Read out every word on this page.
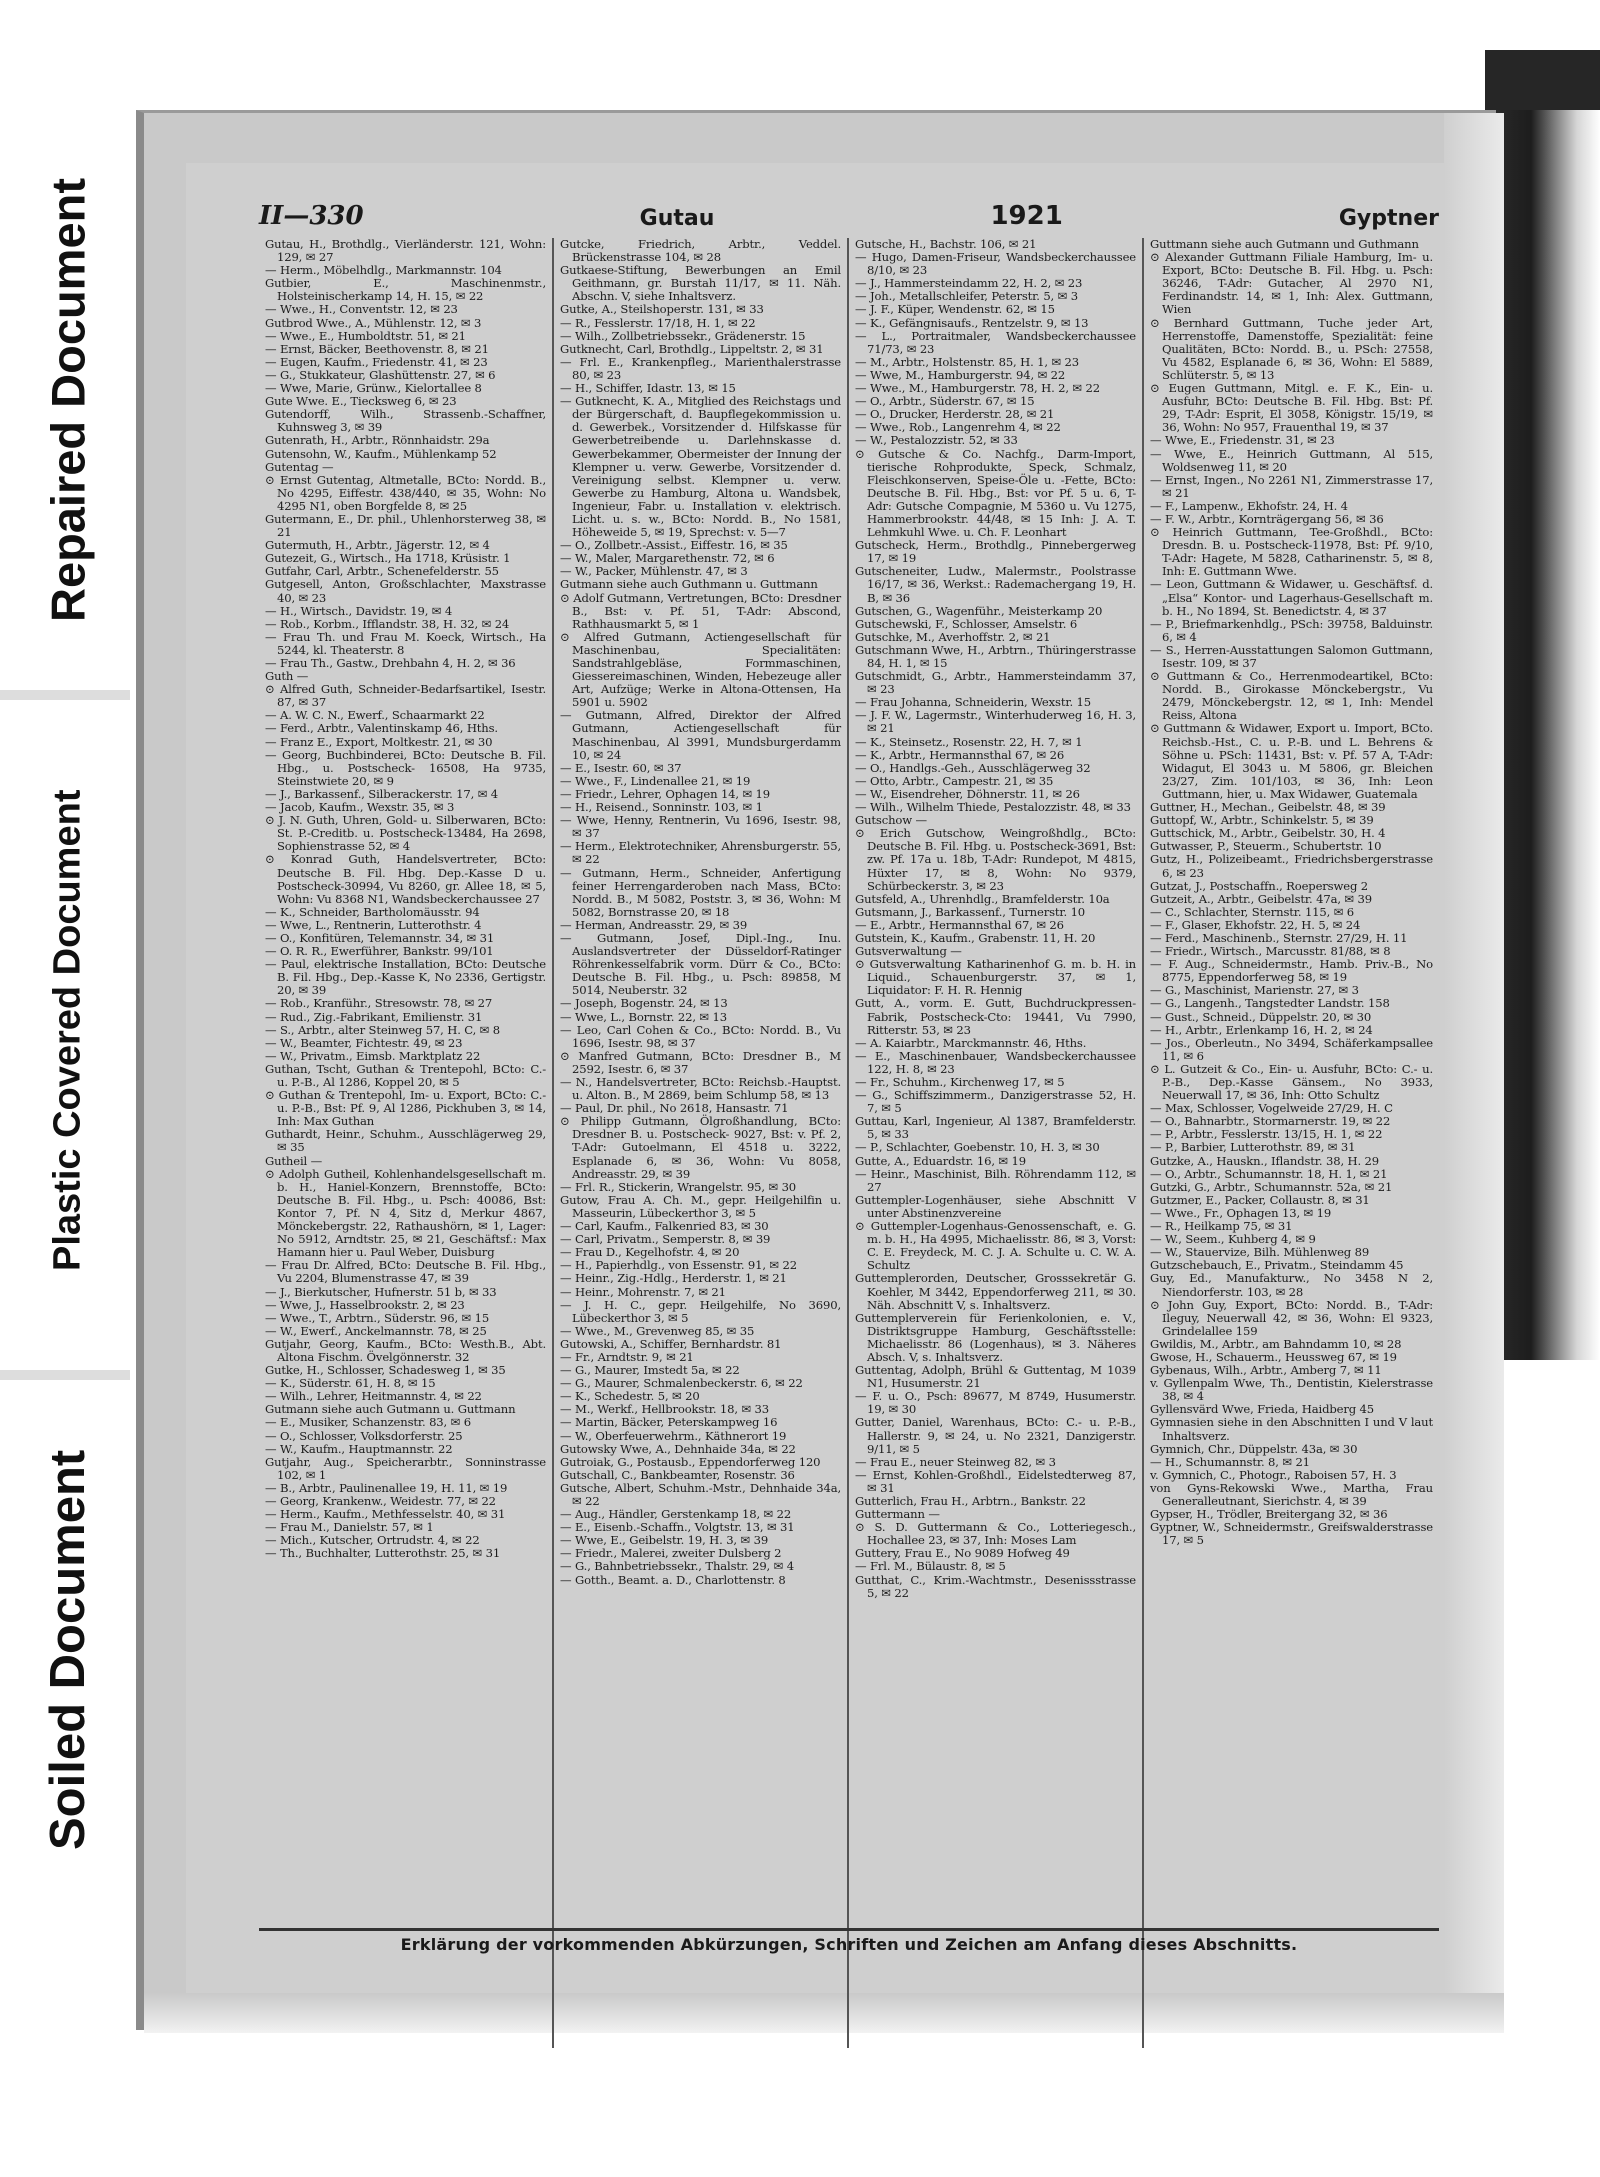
Repaired Document
Plastic Covered Document
Soiled Document
II—330	Gutau	1921	Gyptner

Gutau, H., Brothdlg., Vierländerstr. 121, Wohn: 129, ✉ 27

— Herm., Möbelhdlg., Markmannstr. 104

Gutbier, E., Maschinenmstr., Holsteinischerkamp 14, H. 15, ✉ 22

— Wwe., H., Conventstr. 12, ✉ 23

Gutbrod Wwe., A., Mühlenstr. 12, ✉ 3

— Wwe., E., Humboldtstr. 51, ✉ 21

— Ernst, Bäcker, Beethovenstr. 8, ✉ 21

— Eugen, Kaufm., Friedenstr. 41, ✉ 23

— G., Stukkateur, Glashüttenstr. 27, ✉ 6

— Wwe, Marie, Grünw., Kielortallee 8

Gute Wwe. E., Tiecksweg 6, ✉ 23

Gutendorff, Wilh., Strassenb.-Schaffner, Kuhnsweg 3, ✉ 39

Gutenrath, H., Arbtr., Rönnhaidstr. 29a

Gutensohn, W., Kaufm., Mühlenkamp 52

Gutentag —

⊙ Ernst Gutentag, Altmetalle, BCto: Nordd. B., No 4295, Eiffestr. 438/440, ✉ 35, Wohn: No 4295 N1, oben Borgfelde 8, ✉ 25

Gutermann, E., Dr. phil., Uhlenhorsterweg 38, ✉ 21

Gutermuth, H., Arbtr., Jägerstr. 12, ✉ 4

Gutezeit, G., Wirtsch., Ha 1718, Krüsistr. 1

Gutfahr, Carl, Arbtr., Schenefelderstr. 55

Gutgesell, Anton, Großschlachter, Maxstrasse 40, ✉ 23

— H., Wirtsch., Davidstr. 19, ✉ 4

— Rob., Korbm., Ifflandstr. 38, H. 32, ✉ 24

— Frau Th. und Frau M. Koeck, Wirtsch., Ha 5244, kl. Theaterstr. 8

— Frau Th., Gastw., Drehbahn 4, H. 2, ✉ 36

Guth —

⊙ Alfred Guth, Schneider-Bedarfsartikel, Isestr. 87, ✉ 37

— A. W. C. N., Ewerf., Schaarmarkt 22

— Ferd., Arbtr., Valentinskamp 46, Hths.

— Franz E., Export, Moltkestr. 21, ✉ 30

— Georg, Buchbinderei, BCto: Deutsche B. Fil. Hbg., u. Postscheck- 16508, Ha 9735, Steinstwiete 20, ✉ 9

— J., Barkassenf., Silberackerstr. 17, ✉ 4

— Jacob, Kaufm., Wexstr. 35, ✉ 3

⊙ J. N. Guth, Uhren, Gold- u. Silberwaren, BCto: St. P.-Creditb. u. Postscheck-13484, Ha 2698, Sophienstrasse 52, ✉ 4

⊙ Konrad Guth, Handelsvertreter, BCto: Deutsche B. Fil. Hbg. Dep.-Kasse D u. Postscheck-30994, Vu 8260, gr. Allee 18, ✉ 5, Wohn: Vu 8368 N1, Wandsbeckerchaussee 27

— K., Schneider, Bartholomäusstr. 94

— Wwe, L., Rentnerin, Lutterothstr. 4

— O., Konfitüren, Telemannstr. 34, ✉ 31

— O. R. R., Ewerführer, Bankstr. 99/101

— Paul, elektrische Installation, BCto: Deutsche B. Fil. Hbg., Dep.-Kasse K, No 2336, Gertigstr. 20, ✉ 39

— Rob., Kranführ., Stresowstr. 78, ✉ 27

— Rud., Zig.-Fabrikant, Emilienstr. 31

— S., Arbtr., alter Steinweg 57, H. C, ✉ 8

— W., Beamter, Fichtestr. 49, ✉ 23

— W., Privatm., Eimsb. Marktplatz 22

Guthan, Tscht, Guthan & Trentepohl, BCto: C.- u. P.-B., Al 1286, Koppel 20, ✉ 5

⊙ Guthan & Trentepohl, Im- u. Export, BCto: C.- u. P.-B., Bst: Pf. 9, Al 1286, Pickhuben 3, ✉ 14, Inh: Max Guthan

Guthardt, Heinr., Schuhm., Ausschlägerweg 29, ✉ 35

Gutheil —

⊙ Adolph Gutheil, Kohlenhandelsgesellschaft m. b. H., Haniel-Konzern, Brennstoffe, BCto: Deutsche B. Fil. Hbg., u. Psch: 40086, Bst: Kontor 7, Pf. N 4, Sitz d, Merkur 4867, Mönckebergstr. 22, Rathaushörn, ✉ 1, Lager: No 5912, Arndtstr. 25, ✉ 21, Geschäftsf.: Max Hamann hier u. Paul Weber, Duisburg

— Frau Dr. Alfred, BCto: Deutsche B. Fil. Hbg., Vu 2204, Blumenstrasse 47, ✉ 39

— J., Bierkutscher, Hufnerstr. 51 b, ✉ 33

— Wwe, J., Hasselbrookstr. 2, ✉ 23

— Wwe., T., Arbtrn., Süderstr. 96, ✉ 15

— W., Ewerf., Anckelmannstr. 78, ✉ 25

Gutjahr, Georg, Kaufm., BCto: Westh.B., Abt. Altona Fischm. Övelgönnerstr. 32

Gutke, H., Schlosser, Schadesweg 1, ✉ 35

— K., Süderstr. 61, H. 8, ✉ 15

— Wilh., Lehrer, Heitmannstr. 4, ✉ 22

Gutmann siehe auch Gutmann u. Guttmann

— E., Musiker, Schanzenstr. 83, ✉ 6

— O., Schlosser, Volksdorferstr. 25

— W., Kaufm., Hauptmannstr. 22

Gutjahr, Aug., Speicherarbtr., Sonninstrasse 102, ✉ 1

— B., Arbtr., Paulinenallee 19, H. 11, ✉ 19

— Georg, Krankenw., Weidestr. 77, ✉ 22

— Herm., Kaufm., Methfesselstr. 40, ✉ 31

— Frau M., Danielstr. 57, ✉ 1

— Mich., Kutscher, Ortrudstr. 4, ✉ 22

— Th., Buchhalter, Lutterothstr. 25, ✉ 31

Gutcke, Friedrich, Arbtr., Veddel. Brückenstrasse 104, ✉ 28

Gutkaese-Stiftung, Bewerbungen an Emil Geithmann, gr. Burstah 11/17, ✉ 11. Näh. Abschn. V, siehe Inhaltsverz.

Gutke, A., Steilshoperstr. 131, ✉ 33

— R., Fesslerstr. 17/18, H. 1, ✉ 22

— Wilh., Zollbetriebssekr., Grädenerstr. 15

Gutknecht, Carl, Brothdlg., Lippeltstr. 2, ✉ 31

— Frl. E., Krankenpfleg., Marienthalerstrasse 80, ✉ 23

— H., Schiffer, Idastr. 13, ✉ 15

— Gutknecht, K. A., Mitglied des Reichstags und der Bürgerschaft, d. Baupflegekommission u. d. Gewerbek., Vorsitzender d. Hilfskasse für Gewerbetreibende u. Darlehnskasse d. Gewerbekammer, Obermeister der Innung der Klempner u. verw. Gewerbe, Vorsitzender d. Vereinigung selbst. Klempner u. verw. Gewerbe zu Hamburg, Altona u. Wandsbek, Ingenieur, Fabr. u. Installation v. elektrisch. Licht. u. s. w., BCto: Nordd. B., No 1581, Höheweide 5, ✉ 19, Sprechst: v. 5—7

— O., Zollbetr.-Assist., Eiffestr. 16, ✉ 35

— W., Maler, Margarethenstr. 72, ✉ 6

— W., Packer, Mühlenstr. 47, ✉ 3

Gutmann siehe auch Guthmann u. Guttmann

⊙ Adolf Gutmann, Vertretungen, BCto: Dresdner B., Bst: v. Pf. 51, T-Adr: Abscond, Rathhausmarkt 5, ✉ 1

⊙ Alfred Gutmann, Actiengesellschaft für Maschinenbau, Specialitäten: Sandstrahlgebläse, Formmaschinen, Giessereimaschinen, Winden, Hebezeuge aller Art, Aufzüge; Werke in Altona-Ottensen, Ha 5901 u. 5902

— Gutmann, Alfred, Direktor der Alfred Gutmann, Actiengesellschaft für Maschinenbau, Al 3991, Mundsburgerdamm 10, ✉ 24

— E., Isestr. 60, ✉ 37

— Wwe., F., Lindenallee 21, ✉ 19

— Friedr., Lehrer, Ophagen 14, ✉ 19

— H., Reisend., Sonninstr. 103, ✉ 1

— Wwe, Henny, Rentnerin, Vu 1696, Isestr. 98, ✉ 37

— Herm., Elektrotechniker, Ahrensburgerstr. 55, ✉ 22

— Gutmann, Herm., Schneider, Anfertigung feiner Herrengarderoben nach Mass, BCto: Nordd. B., M 5082, Poststr. 3, ✉ 36, Wohn: M 5082, Bornstrasse 20, ✉ 18

— Herman, Andreasstr. 29, ✉ 39

— Gutmann, Josef, Dipl.-Ing., Inu. Auslandsvertreter der Düsseldorf-Ratinger Röhrenkesselfabrik vorm. Dürr & Co., BCto: Deutsche B. Fil. Hbg., u. Psch: 89858, M 5014, Neuberstr. 32

— Joseph, Bogenstr. 24, ✉ 13

— Wwe, L., Bornstr. 22, ✉ 13

— Leo, Carl Cohen & Co., BCto: Nordd. B., Vu 1696, Isestr. 98, ✉ 37

⊙ Manfred Gutmann, BCto: Dresdner B., M 2592, Isestr. 6, ✉ 37

— N., Handelsvertreter, BCto: Reichsb.-Hauptst. u. Alton. B., M 2869, beim Schlump 58, ✉ 13

— Paul, Dr. phil., No 2618, Hansastr. 71

⊙ Philipp Gutmann, Ölgroßhandlung, BCto: Dresdner B. u. Postscheck- 9027, Bst: v. Pf. 2, T-Adr: Gutoelmann, El 4518 u. 3222, Esplanade 6, ✉ 36, Wohn: Vu 8058, Andreasstr. 29, ✉ 39

— Frl. R., Stickerin, Wrangelstr. 95, ✉ 30

Gutow, Frau A. Ch. M., gepr. Heilgehilfin u. Masseurin, Lübeckerthor 3, ✉ 5

— Carl, Kaufm., Falkenried 83, ✉ 30

— Carl, Privatm., Semperstr. 8, ✉ 39

— Frau D., Kegelhofstr. 4, ✉ 20

— H., Papierhdlg., von Essenstr. 91, ✉ 22

— Heinr., Zig.-Hdlg., Herderstr. 1, ✉ 21

— Heinr., Mohrenstr. 7, ✉ 21

— J. H. C., gepr. Heilgehilfe, No 3690, Lübeckerthor 3, ✉ 5

— Wwe., M., Grevenweg 85, ✉ 35

Gutowski, A., Schiffer, Bernhardstr. 81

— Fr., Arndtstr. 9, ✉ 21

— G., Maurer, Imstedt 5a, ✉ 22

— G., Maurer, Schmalenbeckerstr. 6, ✉ 22

— K., Schedestr. 5, ✉ 20

— M., Werkf., Hellbrookstr. 18, ✉ 33

— Martin, Bäcker, Peterskampweg 16

— W., Oberfeuerwehrm., Käthnerort 19

Gutowsky Wwe, A., Dehnhaide 34a, ✉ 22

Gutroiak, G., Postausb., Eppendorferweg 120

Gutschall, C., Bankbeamter, Rosenstr. 36

Gutsche, Albert, Schuhm.-Mstr., Dehnhaide 34a, ✉ 22

— Aug., Händler, Gerstenkamp 18, ✉ 22

— E., Eisenb.-Schaffn., Volgtstr. 13, ✉ 31

— Wwe, E., Geibelstr. 19, H. 3, ✉ 39

— Friedr., Malerei, zweiter Dulsberg 2

— G., Bahnbetriebssekr., Thalstr. 29, ✉ 4

— Gotth., Beamt. a. D., Charlottenstr. 8

Gutsche, H., Bachstr. 106, ✉ 21

— Hugo, Damen-Friseur, Wandsbeckerchaussee 8/10, ✉ 23

— J., Hammersteindamm 22, H. 2, ✉ 23

— Joh., Metallschleifer, Peterstr. 5, ✉ 3

— J. F., Küper, Wendenstr. 62, ✉ 15

— K., Gefängnisaufs., Rentzelstr. 9, ✉ 13

— L., Portraitmaler, Wandsbeckerchaussee 71/73, ✉ 23

— M., Arbtr., Holstenstr. 85, H. 1, ✉ 23

— Wwe, M., Hamburgerstr. 94, ✉ 22

— Wwe., M., Hamburgerstr. 78, H. 2, ✉ 22

— O., Arbtr., Süderstr. 67, ✉ 15

— O., Drucker, Herderstr. 28, ✉ 21

— Wwe., Rob., Langenrehm 4, ✉ 22

— W., Pestalozzistr. 52, ✉ 33

⊙ Gutsche & Co. Nachfg., Darm-Import, tierische Rohprodukte, Speck, Schmalz, Fleischkonserven, Speise-Öle u. -Fette, BCto: Deutsche B. Fil. Hbg., Bst: vor Pf. 5 u. 6, T-Adr: Gutsche Compagnie, M 5360 u. Vu 1275, Hammerbrookstr. 44/48, ✉ 15 Inh: J. A. T. Lehmkuhl Wwe. u. Ch. F. Leonhart

Gutscheck, Herm., Brothdlg., Pinnebergerweg 17, ✉ 19

Gutscheneiter, Ludw., Malermstr., Poolstrasse 16/17, ✉ 36, Werkst.: Rademachergang 19, H. B, ✉ 36

Gutschen, G., Wagenführ., Meisterkamp 20

Gutschewski, F., Schlosser, Amselstr. 6

Gutschke, M., Averhoffstr. 2, ✉ 21

Gutschmann Wwe, H., Arbtrn., Thüringerstrasse 84, H. 1, ✉ 15

Gutschmidt, G., Arbtr., Hammersteindamm 37, ✉ 23

— Frau Johanna, Schneiderin, Wexstr. 15

— J. F. W., Lagermstr., Winterhuderweg 16, H. 3, ✉ 21

— K., Steinsetz., Rosenstr. 22, H. 7, ✉ 1

— K., Arbtr., Hermannsthal 67, ✉ 26

— O., Handlgs.-Geh., Ausschlägerweg 32

— Otto, Arbtr., Campestr. 21, ✉ 35

— W., Eisendreher, Döhnerstr. 11, ✉ 26

— Wilh., Wilhelm Thiede, Pestalozzistr. 48, ✉ 33

Gutschow —

⊙ Erich Gutschow, Weingroßhdlg., BCto: Deutsche B. Fil. Hbg. u. Postscheck-3691, Bst: zw. Pf. 17a u. 18b, T-Adr: Rundepot, M 4815, Hüxter 17, ✉ 8, Wohn: No 9379, Schürbeckerstr. 3, ✉ 23

Gutsfeld, A., Uhrenhdlg., Bramfelderstr. 10a

Gutsmann, J., Barkassenf., Turnerstr. 10

— E., Arbtr., Hermannsthal 67, ✉ 26

Gutstein, K., Kaufm., Grabenstr. 11, H. 20

Gutsverwaltung —

⊙ Gutsverwaltung Katharinenhof G. m. b. H. in Liquid., Schauenburgerstr. 37, ✉ 1, Liquidator: F. H. R. Hennig

Gutt, A., vorm. E. Gutt, Buchdruckpressen-Fabrik, Postscheck-Cto: 19441, Vu 7990, Ritterstr. 53, ✉ 23

— A. Kaiarbtr., Marckmannstr. 46, Hths.

— E., Maschinenbauer, Wandsbeckerchaussee 122, H. 8, ✉ 23

— Fr., Schuhm., Kirchenweg 17, ✉ 5

— G., Schiffszimmerm., Danzigerstrasse 52, H. 7, ✉ 5

Guttau, Karl, Ingenieur, Al 1387, Bramfelderstr. 5, ✉ 33

— P., Schlachter, Goebenstr. 10, H. 3, ✉ 30

Gutte, A., Eduardstr. 16, ✉ 19

— Heinr., Maschinist, Bilh. Röhrendamm 112, ✉ 27

Guttempler-Logenhäuser, siehe Abschnitt V unter Abstinenzvereine

⊙ Guttempler-Logenhaus-Genossenschaft, e. G. m. b. H., Ha 4995, Michaelisstr. 86, ✉ 3, Vorst: C. E. Freydeck, M. C. J. A. Schulte u. C. W. A. Schultz

Guttemplerorden, Deutscher, Grosssekretär G. Koehler, M 3442, Eppendorferweg 211, ✉ 30. Näh. Abschnitt V, s. Inhaltsverz.

Guttemplerverein für Ferienkolonien, e. V., Distriktsgruppe Hamburg, Geschäftsstelle: Michaelisstr. 86 (Logenhaus), ✉ 3. Näheres Absch. V, s. Inhaltsverz.

Guttentag, Adolph, Brühl & Guttentag, M 1039 N1, Husumerstr. 21

— F. u. O., Psch: 89677, M 8749, Husumerstr. 19, ✉ 30

Gutter, Daniel, Warenhaus, BCto: C.- u. P.-B., Hallerstr. 9, ✉ 24, u. No 2321, Danzigerstr. 9/11, ✉ 5

— Frau E., neuer Steinweg 82, ✉ 3

— Ernst, Kohlen-Großhdl., Eidelstedterweg 87, ✉ 31

Gutterlich, Frau H., Arbtrn., Bankstr. 22

Guttermann —

⊙ S. D. Guttermann & Co., Lotteriegesch., Hochallee 23, ✉ 37, Inh: Moses Lam

Guttery, Frau E., No 9089 Hofweg 49

— Frl. M., Bülaustr. 8, ✉ 5

Gutthat, C., Krim.-Wachtmstr., Desenissstrasse 5, ✉ 22

Guttmann siehe auch Gutmann und Guthmann

⊙ Alexander Guttmann Filiale Hamburg, Im- u. Export, BCto: Deutsche B. Fil. Hbg. u. Psch: 36246, T-Adr: Gutacher, Al 2970 N1, Ferdinandstr. 14, ✉ 1, Inh: Alex. Guttmann, Wien

⊙ Bernhard Guttmann, Tuche jeder Art, Herrenstoffe, Damenstoffe, Spezialität: feine Qualitäten, BCto: Nordd. B., u. PSch: 27558, Vu 4582, Esplanade 6, ✉ 36, Wohn: El 5889, Schlüterstr. 5, ✉ 13

⊙ Eugen Guttmann, Mitgl. e. F. K., Ein- u. Ausfuhr, BCto: Deutsche B. Fil. Hbg. Bst: Pf. 29, T-Adr: Esprit, El 3058, Königstr. 15/19, ✉ 36, Wohn: No 957, Frauenthal 19, ✉ 37

— Wwe, E., Friedenstr. 31, ✉ 23

— Wwe, E., Heinrich Guttmann, Al 515, Woldsenweg 11, ✉ 20

— Ernst, Ingen., No 2261 N1, Zimmerstrasse 17, ✉ 21

— F., Lampenw., Ekhofstr. 24, H. 4

— F. W., Arbtr., Kornträgergang 56, ✉ 36

⊙ Heinrich Guttmann, Tee-Großhdl., BCto: Dresdn. B. u. Postscheck-11978, Bst: Pf. 9/10, T-Adr: Hagete, M 5828, Catharinenstr. 5, ✉ 8, Inh: E. Guttmann Wwe.

— Leon, Guttmann & Widawer, u. Geschäftsf. d. „Elsa“ Kontor- und Lagerhaus-Gesellschaft m. b. H., No 1894, St. Benedictstr. 4, ✉ 37

— P., Briefmarkenhdlg., PSch: 39758, Balduinstr. 6, ✉ 4

— S., Herren-Ausstattungen Salomon Guttmann, Isestr. 109, ✉ 37

⊙ Guttmann & Co., Herrenmodeartikel, BCto: Nordd. B., Girokasse Mönckebergstr., Vu 2479, Mönckebergstr. 12, ✉ 1, Inh: Mendel Reiss, Altona

⊙ Guttmann & Widawer, Export u. Import, BCto. Reichsb.-Hst., C. u. P.-B. und L. Behrens & Söhne u. PSch: 11431, Bst: v. Pf. 57 A, T-Adr: Widagut, El 3043 u. M 5806, gr. Bleichen 23/27, Zim. 101/103, ✉ 36, Inh: Leon Guttmann, hier, u. Max Widawer, Guatemala

Guttner, H., Mechan., Geibelstr. 48, ✉ 39

Guttopf, W., Arbtr., Schinkelstr. 5, ✉ 39

Guttschick, M., Arbtr., Geibelstr. 30, H. 4

Gutwasser, P., Steuerm., Schubertstr. 10

Gutz, H., Polizeibeamt., Friedrichsbergerstrasse 6, ✉ 23

Gutzat, J., Postschaffn., Roepersweg 2

Gutzeit, A., Arbtr., Geibelstr. 47a, ✉ 39

— C., Schlachter, Sternstr. 115, ✉ 6

— F., Glaser, Ekhofstr. 22, H. 5, ✉ 24

— Ferd., Maschinenb., Sternstr. 27/29, H. 11

— Friedr., Wirtsch., Marcusstr. 81/88, ✉ 8

— F. Aug., Schneidermstr., Hamb. Priv.-B., No 8775, Eppendorferweg 58, ✉ 19

— G., Maschinist, Marienstr. 27, ✉ 3

— G., Langenh., Tangstedter Landstr. 158

— Gust., Schneid., Düppelstr. 20, ✉ 30

— H., Arbtr., Erlenkamp 16, H. 2, ✉ 24

— Jos., Oberleutn., No 3494, Schäferkampsallee 11, ✉ 6

⊙ L. Gutzeit & Co., Ein- u. Ausfuhr, BCto: C.- u. P.-B., Dep.-Kasse Gänsem., No 3933, Neuerwall 17, ✉ 36, Inh: Otto Schultz

— Max, Schlosser, Vogelweide 27/29, H. C

— O., Bahnarbtr., Stormarnerstr. 19, ✉ 22

— P., Arbtr., Fesslerstr. 13/15, H. 1, ✉ 22

— P., Barbier, Lutterothstr. 89, ✉ 31

Gutzke, A., Hauskn., Iflandstr. 38, H. 29

— O., Arbtr., Schumannstr. 18, H. 1, ✉ 21

Gutzki, G., Arbtr., Schumannstr. 52a, ✉ 21

Gutzmer, E., Packer, Collaustr. 8, ✉ 31

— Wwe., Fr., Ophagen 13, ✉ 19

— R., Heilkamp 75, ✉ 31

— W., Seem., Kuhberg 4, ✉ 9

— W., Stauervize, Bilh. Mühlenweg 89

Gutzschebauch, E., Privatm., Steindamm 45

Guy, Ed., Manufakturw., No 3458 N 2, Niendorferstr. 103, ✉ 28

⊙ John Guy, Export, BCto: Nordd. B., T-Adr: Ileguy, Neuerwall 42, ✉ 36, Wohn: El 9323, Grindelallee 159

Gwildis, M., Arbtr., am Bahndamm 10, ✉ 28

Gwose, H., Schauerm., Heussweg 67, ✉ 19

Gybenaus, Wilh., Arbtr., Amberg 7, ✉ 11

v. Gyllenpalm Wwe, Th., Dentistin, Kielerstrasse 38, ✉ 4

Gyllensvärd Wwe, Frieda, Haidberg 45

Gymnasien siehe in den Abschnitten I und V laut Inhaltsverz.

Gymnich, Chr., Düppelstr. 43a, ✉ 30

— H., Schumannstr. 8, ✉ 21

v. Gymnich, C., Photogr., Raboisen 57, H. 3

von Gyns-Rekowski Wwe., Martha, Frau Generalleutnant, Sierichstr. 4, ✉ 39

Gypser, H., Trödler, Breitergang 32, ✉ 36

Gyptner, W., Schneidermstr., Greifswalderstrasse 17, ✉ 5

Erklärung der vorkommenden Abkürzungen, Schriften und Zeichen am Anfang dieses Abschnitts.
